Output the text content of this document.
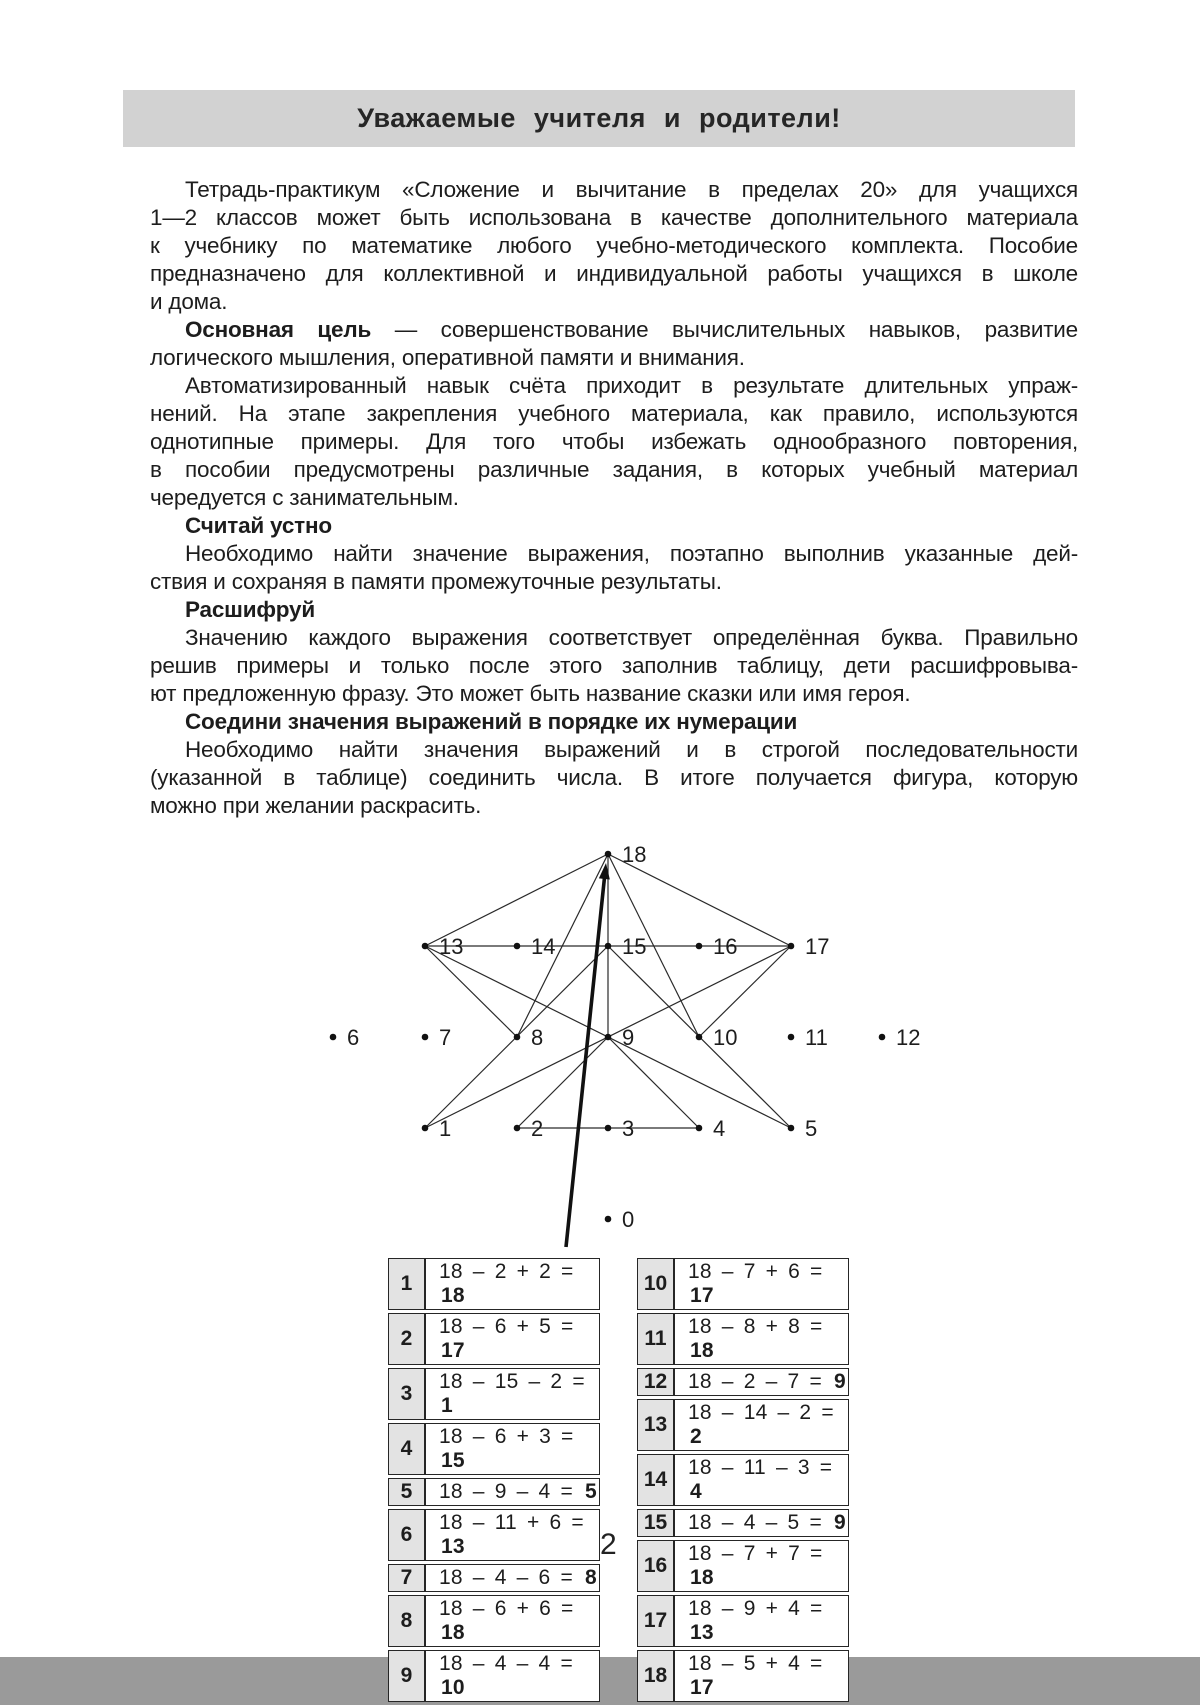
Уважаемые учителя и родители!
Тетрадь-практикум «Сложение и вычитание в пределах 20» для учащихся
1—2 классов может быть использована в качестве дополнительного материала
к учебнику по математике любого учебно-методического комплекта. Пособие
предназначено для коллективной и индивидуальной работы учащихся в школе
и дома.
Основная цель — совершенствование вычислительных навыков, развитие
логического мышления, оперативной памяти и внимания.
Автоматизированный навык счёта приходит в результате длительных упраж-
нений. На этапе закрепления учебного материала, как правило, используются
однотипные примеры. Для того чтобы избежать однообразного повторения,
в пособии предусмотрены различные задания, в которых учебный материал
чередуется с занимательным.
Считай устно
Необходимо найти значение выражения, поэтапно выполнив указанные дей-
ствия и сохраняя в памяти промежуточные результаты.
Расшифруй
Значению каждого выражения соответствует определённая буква. Правильно
решив примеры и только после этого заполнив таблицу, дети расшифровыва-
ют предложенную фразу. Это может быть название сказки или имя героя.
Соедини значения выражений в порядке их нумерации
Необходимо найти значения выражений и в строгой последовательности
(указанной в таблице) соединить числа. В итоге получается фигура, которую
можно при желании раскрасить.
0
1	2	3	4	5
6	7	8	9	10	11	12
13	14	15	16	17
18
1	18 – 2 + 2 = 18
2	18 – 6 + 5 = 17
3	18 – 15 – 2 = 1
4	18 – 6 + 3 = 15
5	18 – 9 – 4 = 5
6	18 – 11 + 6 = 13
7	18 – 4 – 6 = 8
8	18 – 6 + 6 = 18
9	18 – 4 – 4 = 10
10	18 – 7 + 6 = 17
11	18 – 8 + 8 = 18
12	18 – 2 – 7 = 9
13	18 – 14 – 2 = 2
14	18 – 11 – 3 = 4
15	18 – 4 – 5 = 9
16	18 – 7 + 7 = 18
17	18 – 9 + 4 = 13
18	18 – 5 + 4 = 17
2
